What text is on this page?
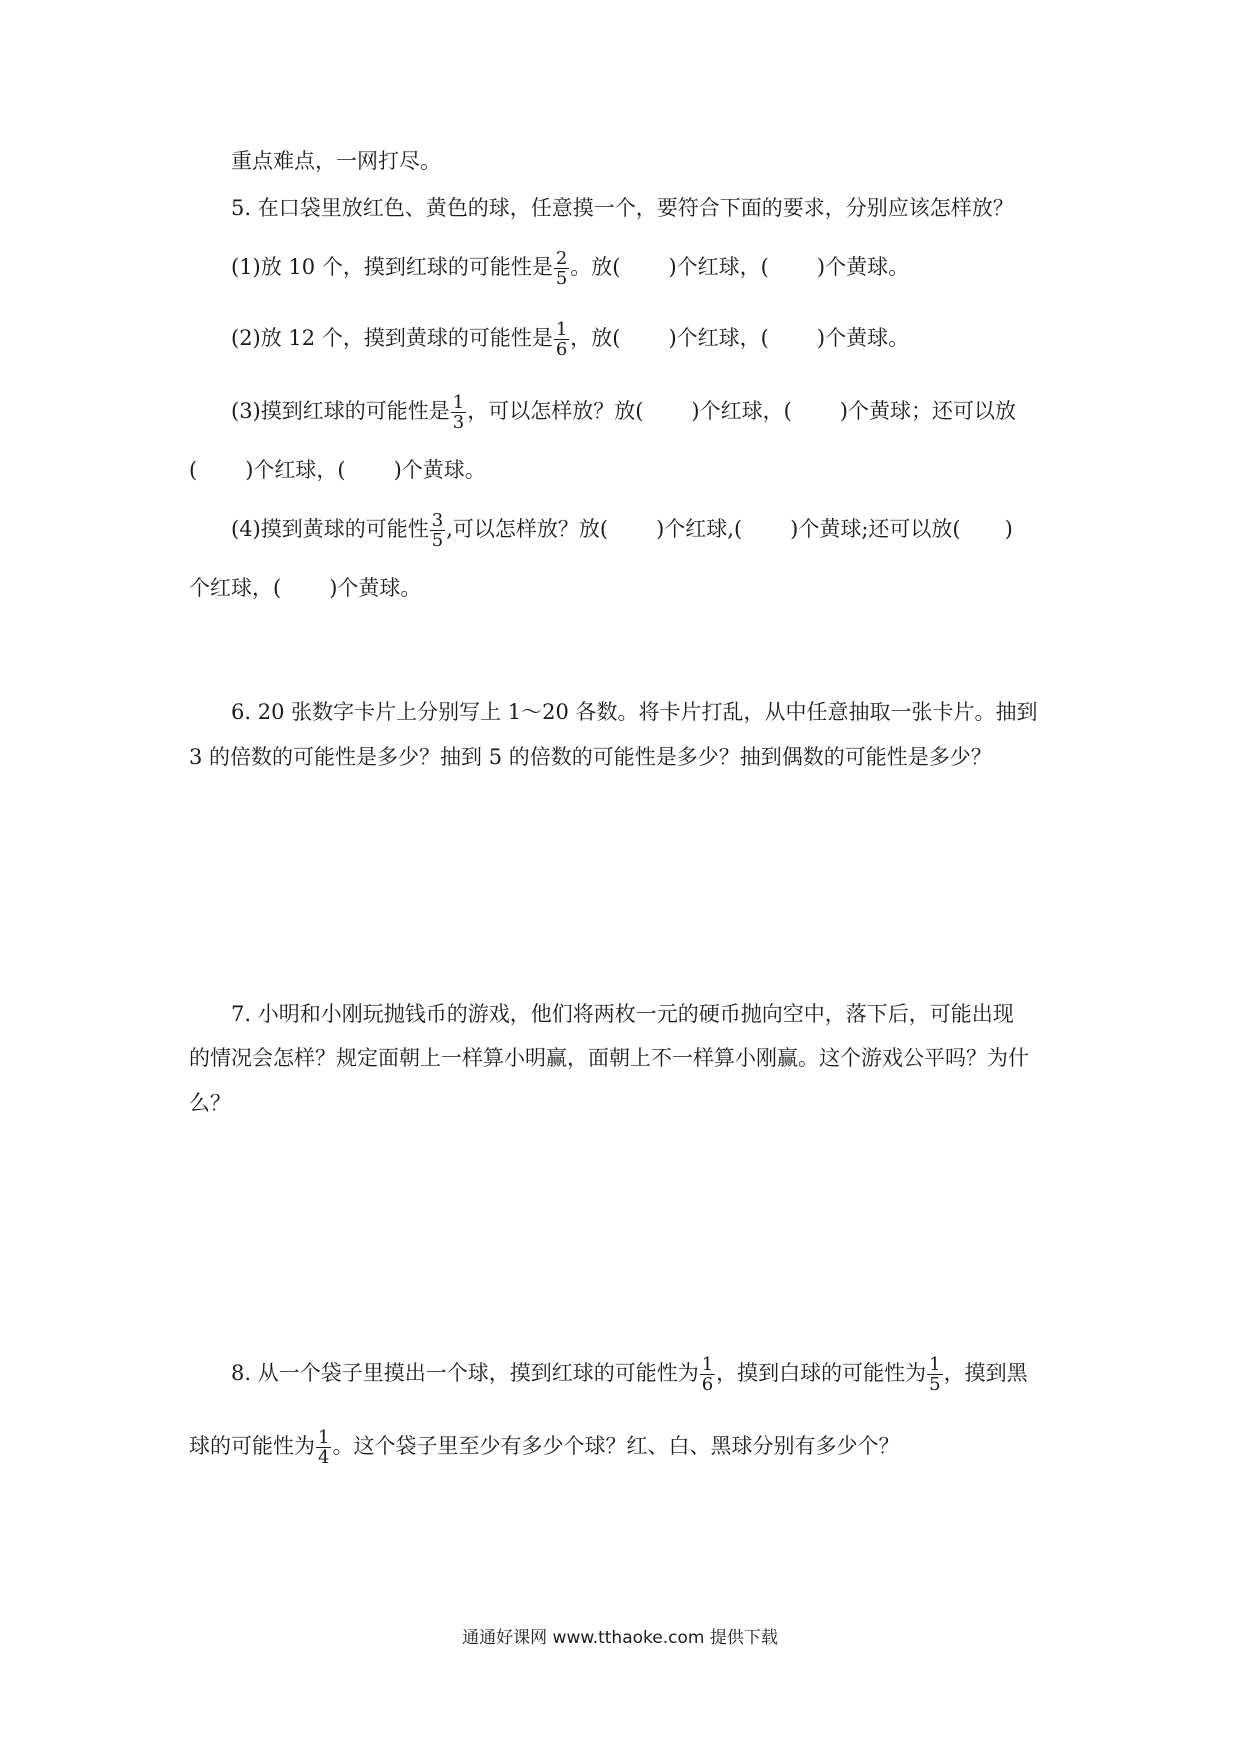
重点难点，一网打尽。
5. 在口袋里放红色、黄色的球，任意摸一个，要符合下面的要求，分别应该怎样放？
(1)放 10 个，摸到红球的可能性是 $\frac{2}{5}$ 。放( )个红球，( )个黄球。
(2)放 12 个，摸到黄球的可能性是 $\frac{1}{6}$ ，放( )个红球，( )个黄球。
(3)摸到红球的可能性是 $\frac{1}{3}$ ，可以怎样放？放( )个红球，( )个黄球；还可以放
( )个红球，( )个黄球。
(4)摸到黄球的可能性 $\frac{3}{5}$ ,可以怎样放？放( )个红球,( )个黄球;还可以放( )
个红球，( )个黄球。
6. 20 张数字卡片上分别写上 1～20 各数。将卡片打乱，从中任意抽取一张卡片。抽到
3 的倍数的可能性是多少？抽到 5 的倍数的可能性是多少？抽到偶数的可能性是多少？
7. 小明和小刚玩抛钱币的游戏，他们将两枚一元的硬币抛向空中，落下后，可能出现
的情况会怎样？规定面朝上一样算小明赢，面朝上不一样算小刚赢。这个游戏公平吗？为什
么？
8. 从一个袋子里摸出一个球，摸到红球的可能性为 $\frac{1}{6}$ ，摸到白球的可能性为 $\frac{1}{5}$ ，摸到黑
球的可能性为 $\frac{1}{4}$ 。这个袋子里至少有多少个球？红、白、黑球分别有多少个？
通通好课网 www.tthaoke.com 提供下载
